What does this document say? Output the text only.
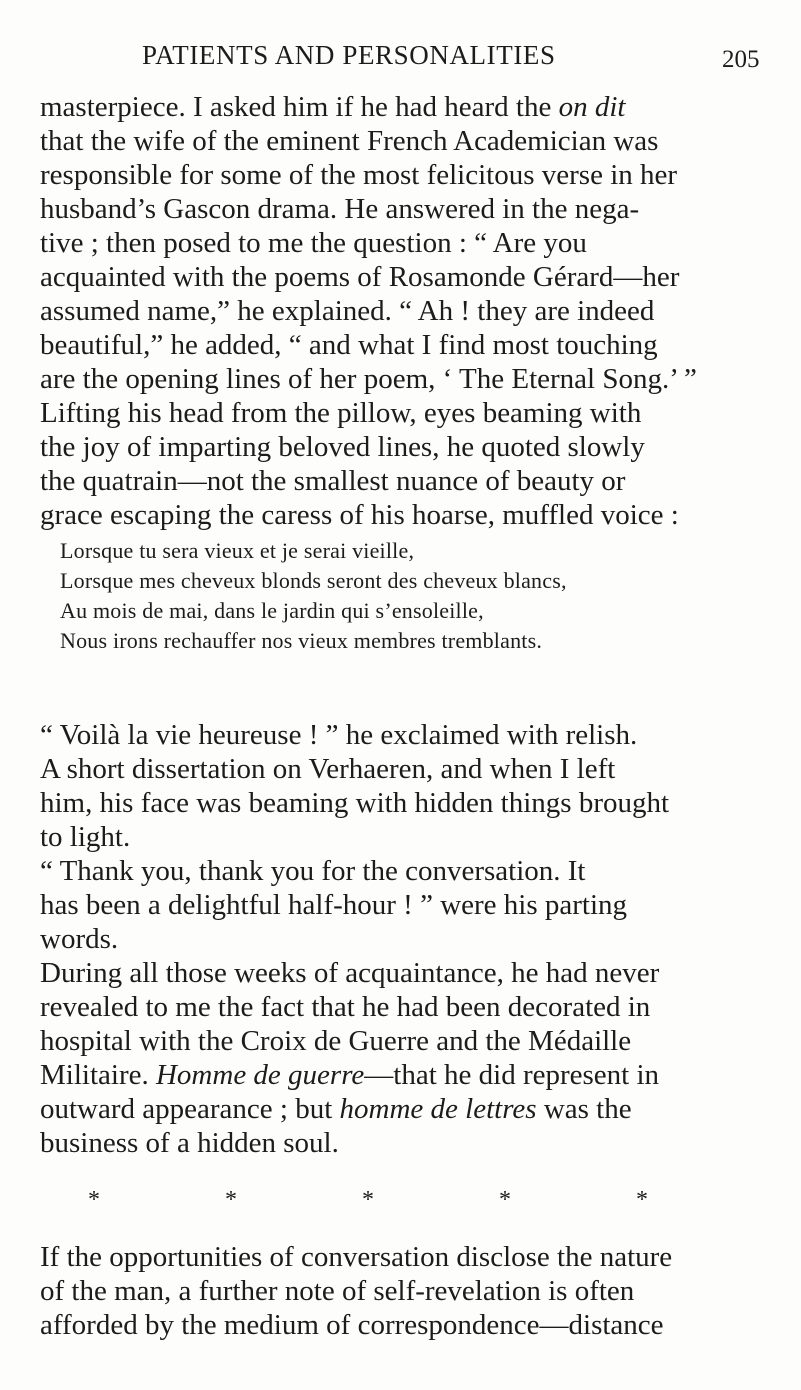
PATIENTS AND PERSONALITIES	205
masterpiece. I asked him if he had heard the on dit
that the wife of the eminent French Academician was
responsible for some of the most felicitous verse in her
husband’s Gascon drama. He answered in the nega-
tive ; then posed to me the question : “ Are you
acquainted with the poems of Rosamonde Gérard—her
assumed name,” he explained. “ Ah ! they are indeed
beautiful,” he added, “ and what I find most touching
are the opening lines of her poem, ‘ The Eternal Song.’ ”
Lifting his head from the pillow, eyes beaming with
the joy of imparting beloved lines, he quoted slowly
the quatrain—not the smallest nuance of beauty or
grace escaping the caress of his hoarse, muffled voice :
Lorsque tu sera vieux et je serai vieille,
Lorsque mes cheveux blonds seront des cheveux blancs,
Au mois de mai, dans le jardin qui s’ensoleille,
Nous irons rechauffer nos vieux membres tremblants.
“ Voilà la vie heureuse ! ” he exclaimed with relish.
A short dissertation on Verhaeren, and when I left
him, his face was beaming with hidden things brought
to light.
“ Thank you, thank you for the conversation. It
has been a delightful half-hour ! ” were his parting
words.
During all those weeks of acquaintance, he had never
revealed to me the fact that he had been decorated in
hospital with the Croix de Guerre and the Médaille
Militaire. Homme de guerre—that he did represent in
outward appearance ; but homme de lettres was the
business of a hidden soul.
*	*	*	*	*
If the opportunities of conversation disclose the nature
of the man, a further note of self-revelation is often
afforded by the medium of correspondence—distance
